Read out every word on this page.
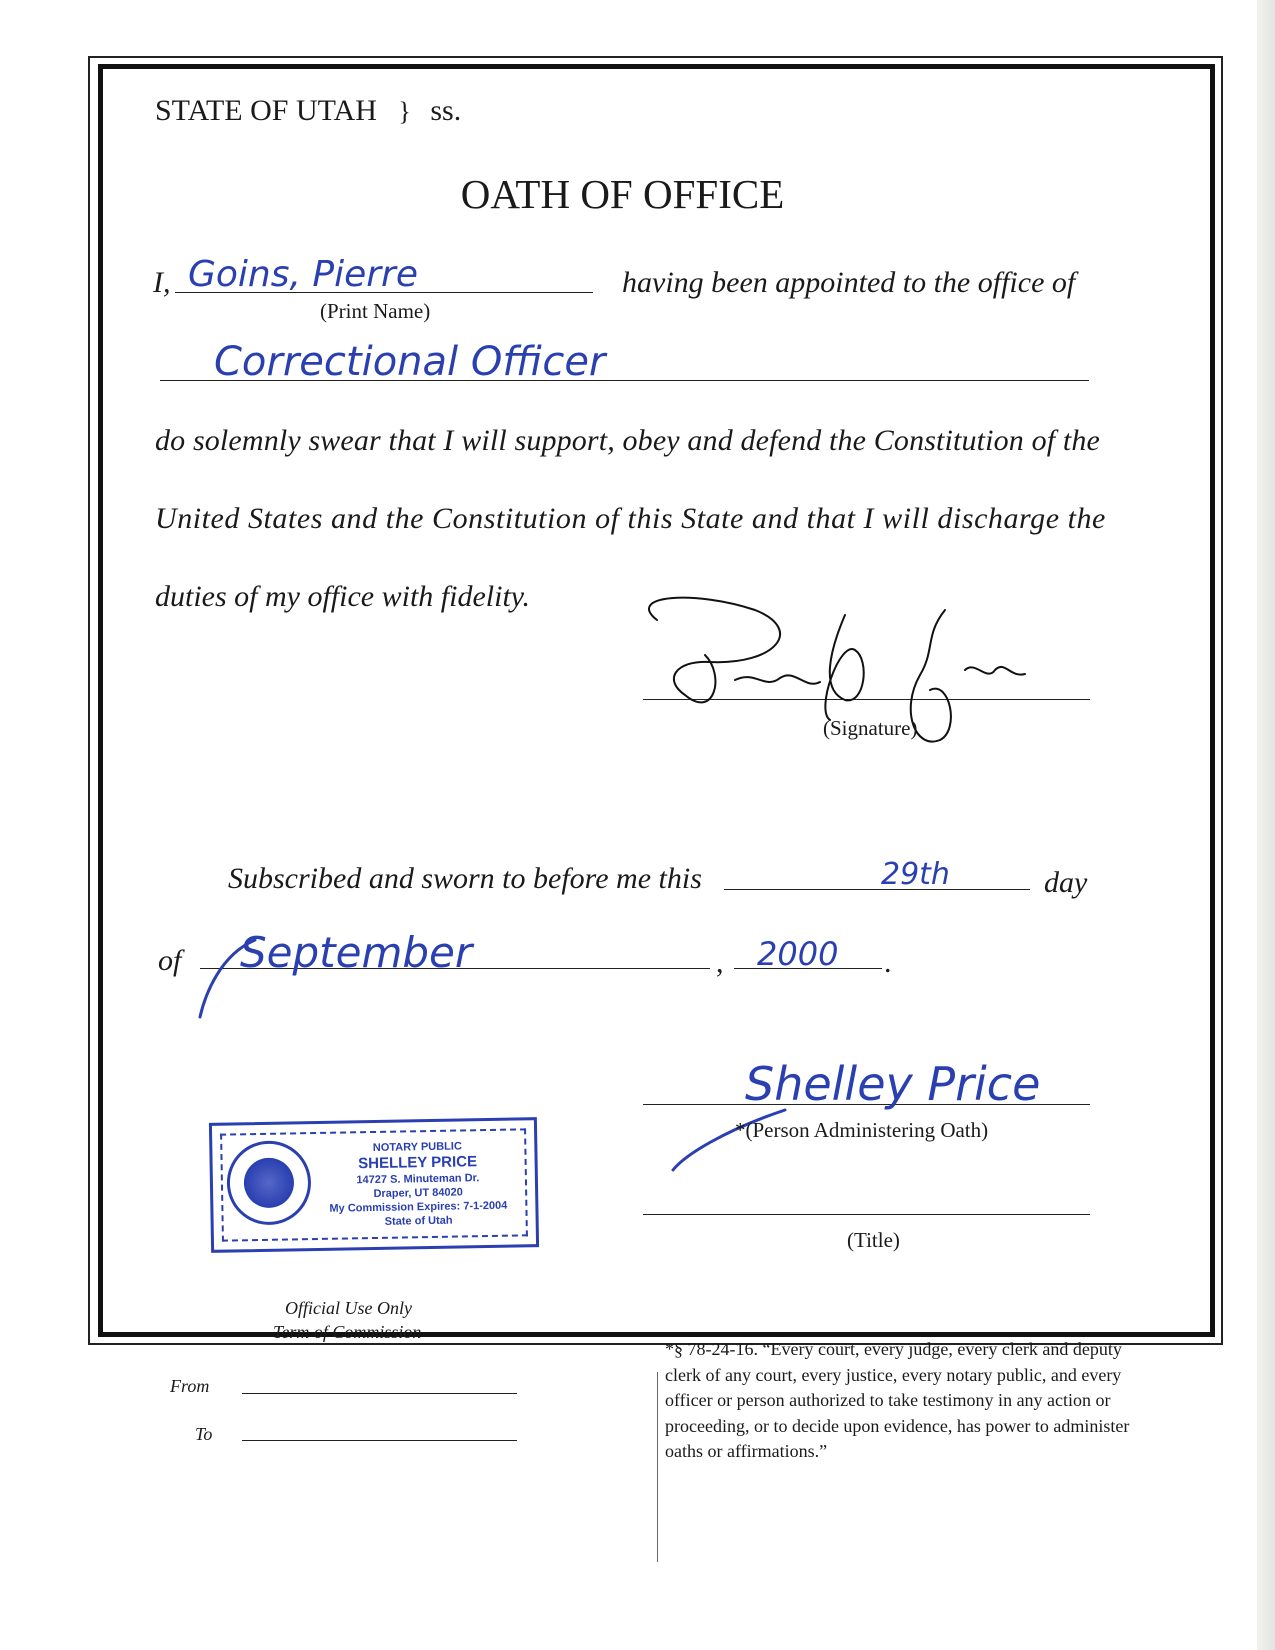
STATE OF UTAH } ss.
OATH OF OFFICE
I, Goins, Pierre
(Print Name)
having been appointed to the office of
Correctional Officer
do solemnly swear that I will support, obey and defend the Constitution of the
United States and the Constitution of this State and that I will discharge the
duties of my office with fidelity.
(Signature)
Subscribed and sworn to before me this	29th	day
of September	, 2000 .
NOTARY PUBLIC
SHELLEY PRICE
14727 S. Minuteman Dr.
Draper, UT 84020
My Commission Expires: 7-1-2004
State of Utah
Shelley Price
*(Person Administering Oath)
(Title)
Official Use Only
Term of Commission
From
To
*§ 78-24-16. “Every court, every judge, every clerk and deputy clerk of any court, every justice, every notary public, and every officer or person authorized to take testimony in any action or proceeding, or to decide upon evidence, has power to administer oaths or affirmations.”
